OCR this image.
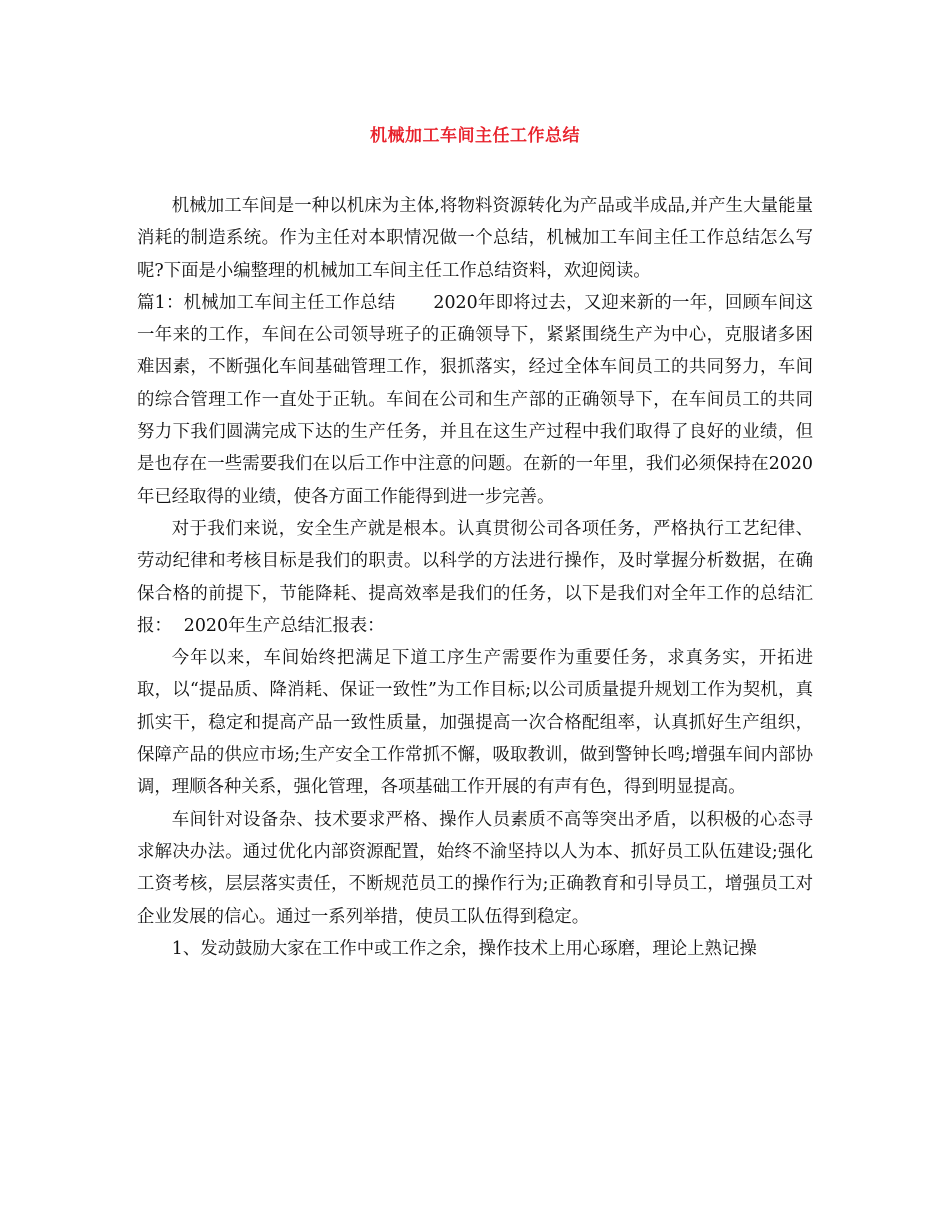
机械加工车间主任工作总结

机械加工车间是一种以机床为主体,将物料资源转化为产品或半成品,并产生大量能量消耗的制造系统。作为主任对本职情况做一个总结，机械加工车间主任工作总结怎么写呢?下面是小编整理的机械加工车间主任工作总结资料，欢迎阅读。

篇1：机械加工车间主任工作总结 2020年即将过去，又迎来新的一年，回顾车间这一年来的工作，车间在公司领导班子的正确领导下，紧紧围绕生产为中心，克服诸多困难因素，不断强化车间基础管理工作，狠抓落实，经过全体车间员工的共同努力，车间的综合管理工作一直处于正轨。车间在公司和生产部的正确领导下，在车间员工的共同努力下我们圆满完成下达的生产任务，并且在这生产过程中我们取得了良好的业绩，但是也存在一些需要我们在以后工作中注意的问题。在新的一年里，我们必须保持在2020年已经取得的业绩，使各方面工作能得到进一步完善。

对于我们来说，安全生产就是根本。认真贯彻公司各项任务，严格执行工艺纪律、劳动纪律和考核目标是我们的职责。以科学的方法进行操作，及时掌握分析数据，在确保合格的前提下，节能降耗、提高效率是我们的任务，以下是我们对全年工作的总结汇报： 2020年生产总结汇报表：

今年以来，车间始终把满足下道工序生产需要作为重要任务，求真务实，开拓进取，以“提品质、降消耗、保证一致性”为工作目标;以公司质量提升规划工作为契机，真抓实干，稳定和提高产品一致性质量，加强提高一次合格配组率，认真抓好生产组织，保障产品的供应市场;生产安全工作常抓不懈，吸取教训，做到警钟长鸣;增强车间内部协调，理顺各种关系，强化管理，各项基础工作开展的有声有色，得到明显提高。

车间针对设备杂、技术要求严格、操作人员素质不高等突出矛盾，以积极的心态寻求解决办法。通过优化内部资源配置，始终不渝坚持以人为本、抓好员工队伍建设;强化工资考核，层层落实责任，不断规范员工的操作行为;正确教育和引导员工，增强员工对企业发展的信心。通过一系列举措，使员工队伍得到稳定。

1、发动鼓励大家在工作中或工作之余，操作技术上用心琢磨，理论上熟记操
